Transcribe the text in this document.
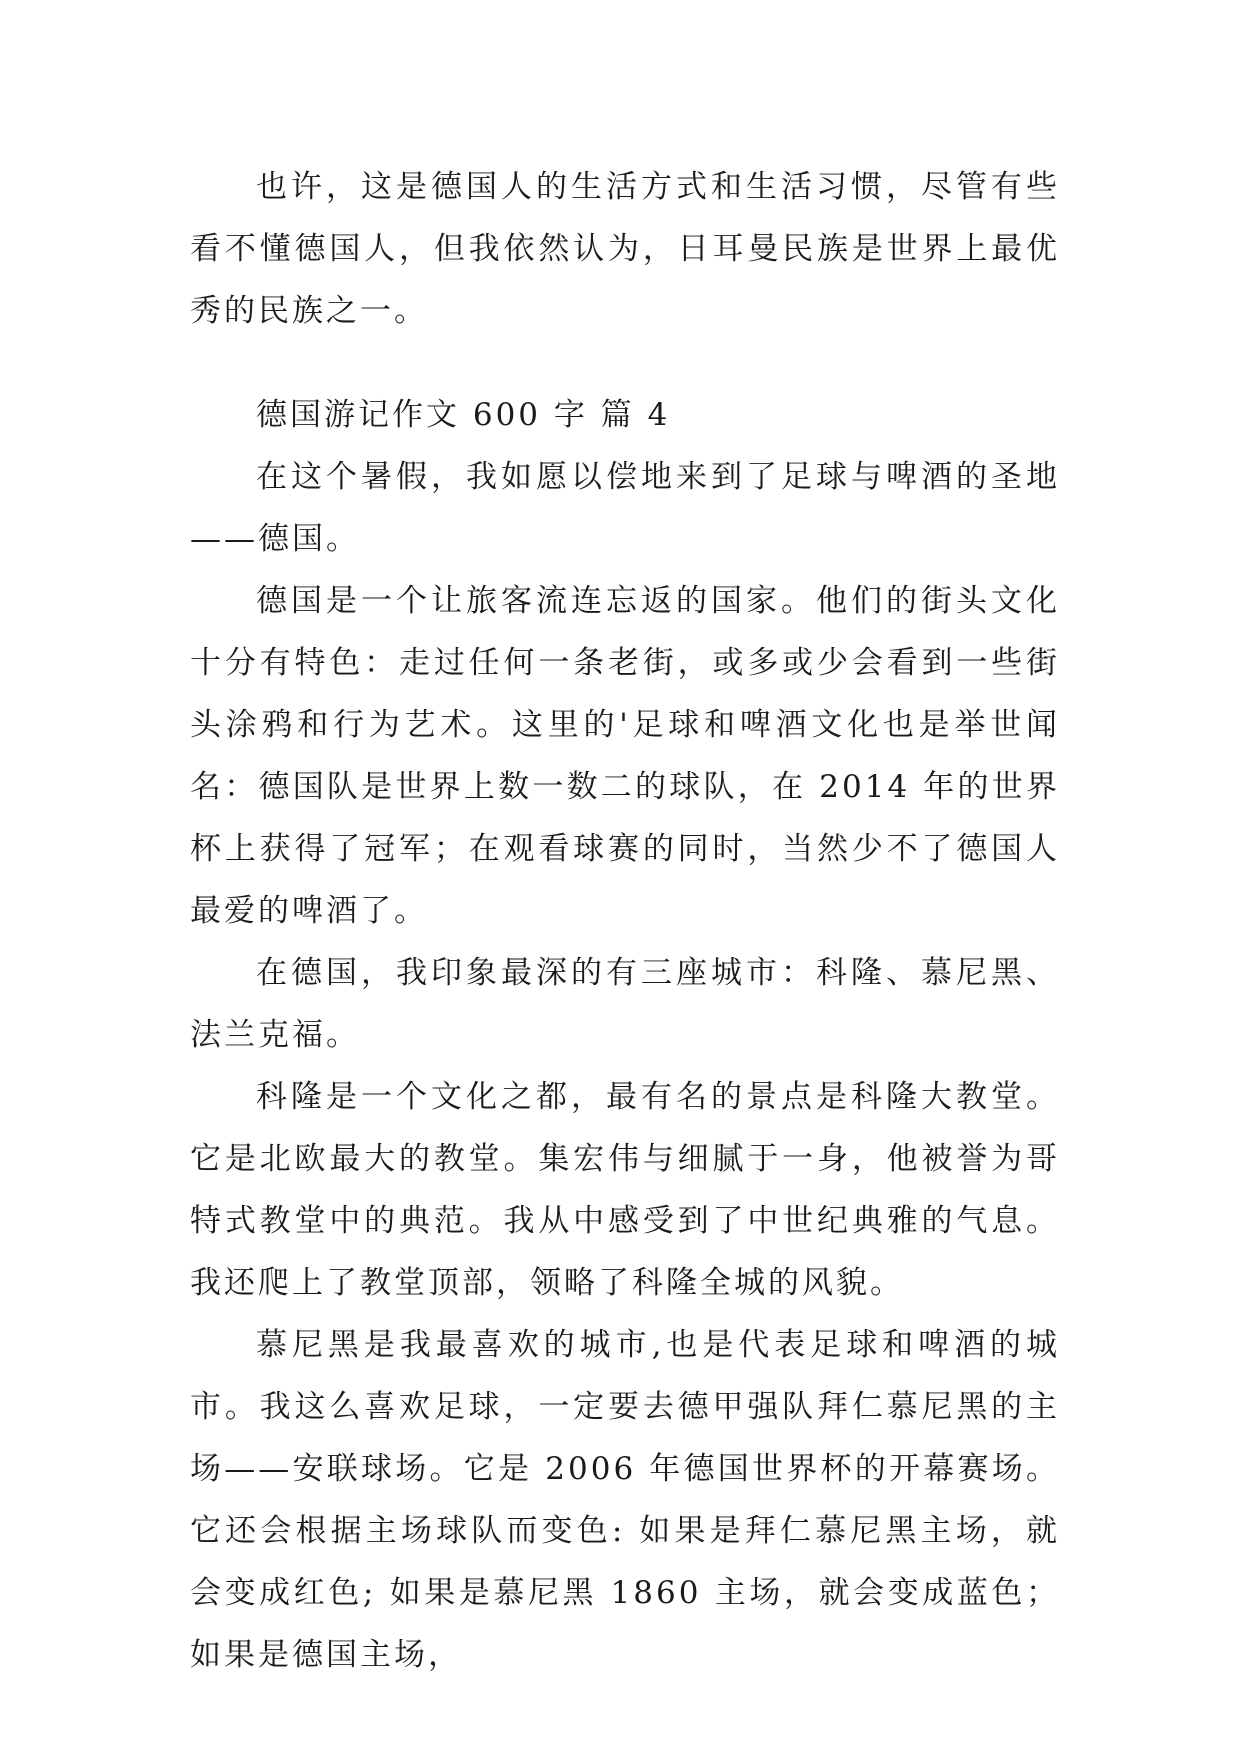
也许，这是德国人的生活方式和生活习惯，尽管有些看不懂德国人，但我依然认为，日耳曼民族是世界上最优秀的民族之一。

德国游记作文 600 字 篇 4

在这个暑假，我如愿以偿地来到了足球与啤酒的圣地——德国。

德国是一个让旅客流连忘返的国家。他们的街头文化十分有特色：走过任何一条老街，或多或少会看到一些街头涂鸦和行为艺术。这里的'足球和啤酒文化也是举世闻名：德国队是世界上数一数二的球队，在 2014 年的世界杯上获得了冠军；在观看球赛的同时，当然少不了德国人最爱的啤酒了。

在德国，我印象最深的有三座城市：科隆、慕尼黑、法兰克福。

科隆是一个文化之都，最有名的景点是科隆大教堂。它是北欧最大的教堂。集宏伟与细腻于一身，他被誉为哥特式教堂中的典范。我从中感受到了中世纪典雅的气息。我还爬上了教堂顶部，领略了科隆全城的风貌。

慕尼黑是我最喜欢的城市,也是代表足球和啤酒的城市。我这么喜欢足球，一定要去德甲强队拜仁慕尼黑的主场——安联球场。它是 2006 年德国世界杯的开幕赛场。它还会根据主场球队而变色: 如果是拜仁慕尼黑主场，就会变成红色; 如果是慕尼黑 1860 主场，就会变成蓝色；如果是德国主场，
